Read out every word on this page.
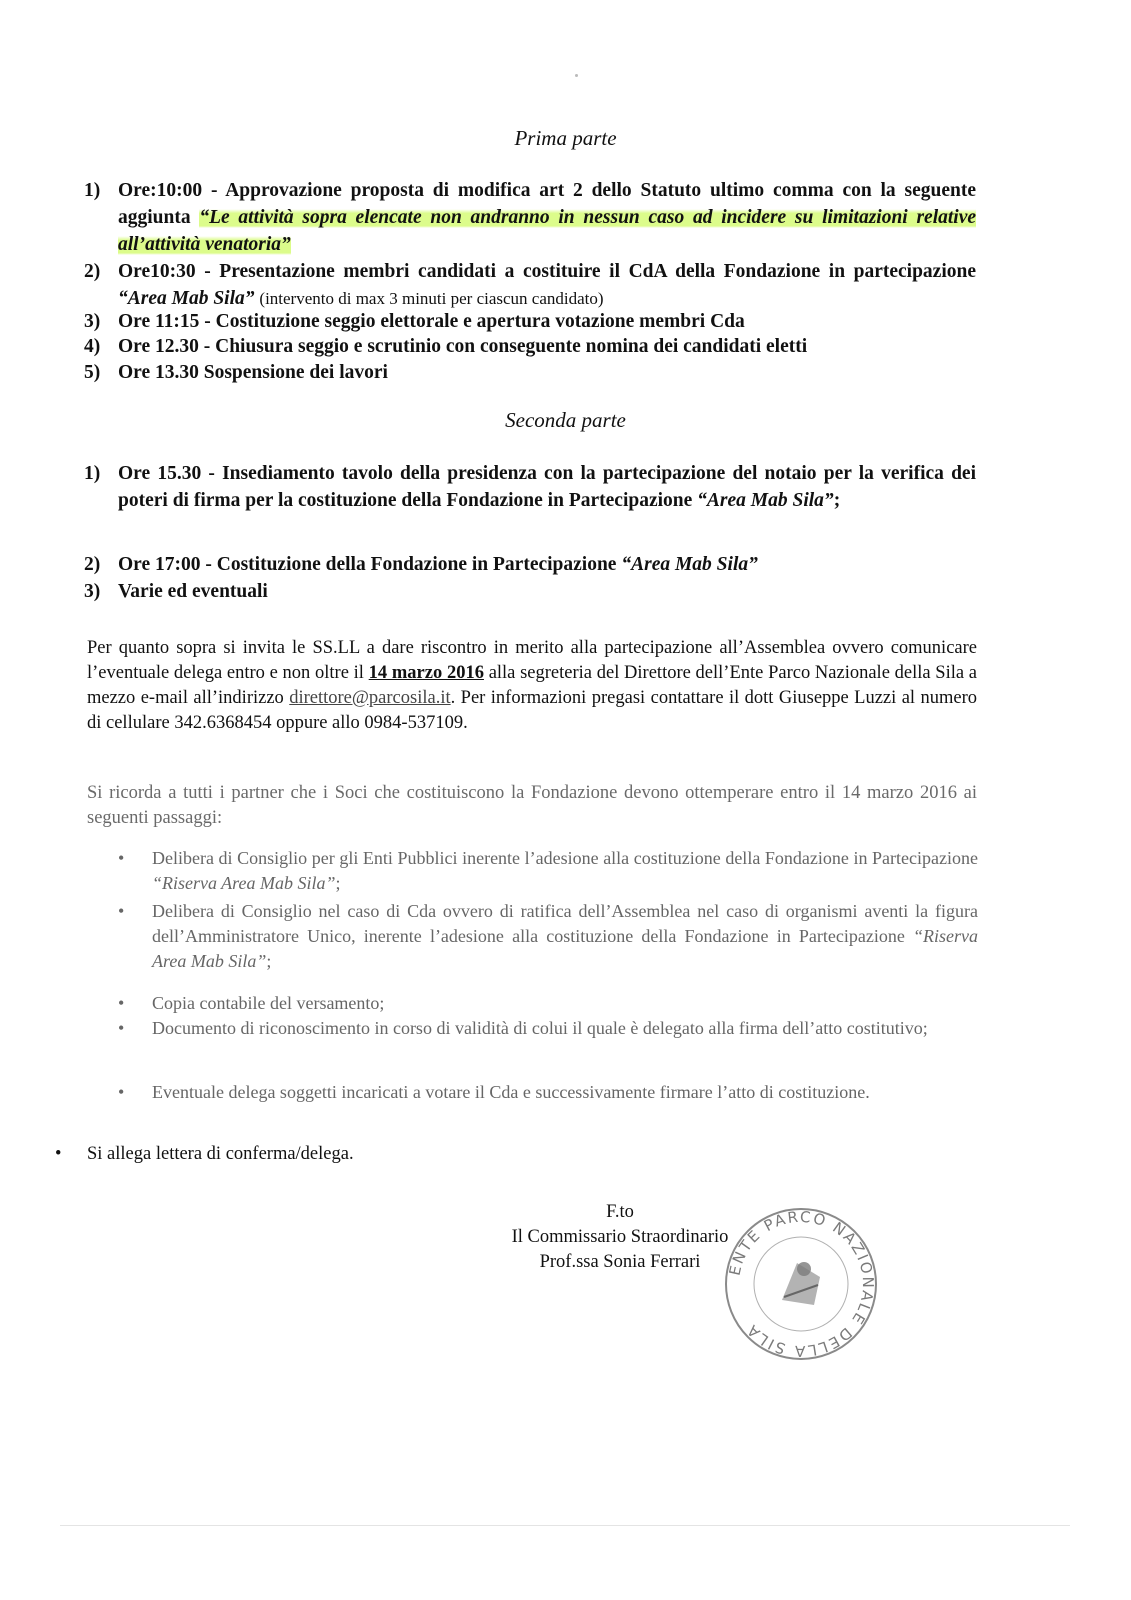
Prima parte
1) Ore:10:00 - Approvazione proposta di modifica art 2 dello Statuto ultimo comma con la seguente aggiunta “Le attività sopra elencate non andranno in nessun caso ad incidere su limitazioni relative all’attività venatoria”
2) Ore10:30 - Presentazione membri candidati a costituire il CdA della Fondazione in partecipazione “Area Mab Sila” (intervento di max 3 minuti per ciascun candidato)
3) Ore 11:15 - Costituzione seggio elettorale e apertura votazione membri Cda
4) Ore 12.30 - Chiusura seggio e scrutinio con conseguente nomina dei candidati eletti
5) Ore 13.30 Sospensione dei lavori
Seconda parte
1) Ore 15.30 - Insediamento tavolo della presidenza con la partecipazione del notaio per la verifica dei poteri di firma per la costituzione della Fondazione in Partecipazione “Area Mab Sila”;
2) Ore 17:00 - Costituzione della Fondazione in Partecipazione “Area Mab Sila”
3) Varie ed eventuali
Per quanto sopra si invita le SS.LL a dare riscontro in merito alla partecipazione all’Assemblea ovvero comunicare l’eventuale delega entro e non oltre il 14 marzo 2016 alla segreteria del Direttore dell’Ente Parco Nazionale della Sila a mezzo e-mail all’indirizzo direttore@parcosila.it. Per informazioni pregasi contattare il dott Giuseppe Luzzi al numero di cellulare 342.6368454 oppure allo 0984-537109.
Si ricorda a tutti i partner che i Soci che costituiscono la Fondazione devono ottemperare entro il 14 marzo 2016 ai seguenti passaggi:
• Delibera di Consiglio per gli Enti Pubblici inerente l’adesione alla costituzione della Fondazione in Partecipazione “Riserva Area Mab Sila”;
• Delibera di Consiglio nel caso di Cda ovvero di ratifica dell’Assemblea nel caso di organismi aventi la figura dell’Amministratore Unico, inerente l’adesione alla costituzione della Fondazione in Partecipazione “Riserva Area Mab Sila”;
• Copia contabile del versamento;
• Documento di riconoscimento in corso di validità di colui il quale è delegato alla firma dell’atto costitutivo;
• Eventuale delega soggetti incaricati a votare il Cda e successivamente firmare l’atto di costituzione.
• Si allega lettera di conferma/delega.
F.to
Il Commissario Straordinario
Prof.ssa Sonia Ferrari	ENTE PARCO NAZIONALE DELLA SILA
